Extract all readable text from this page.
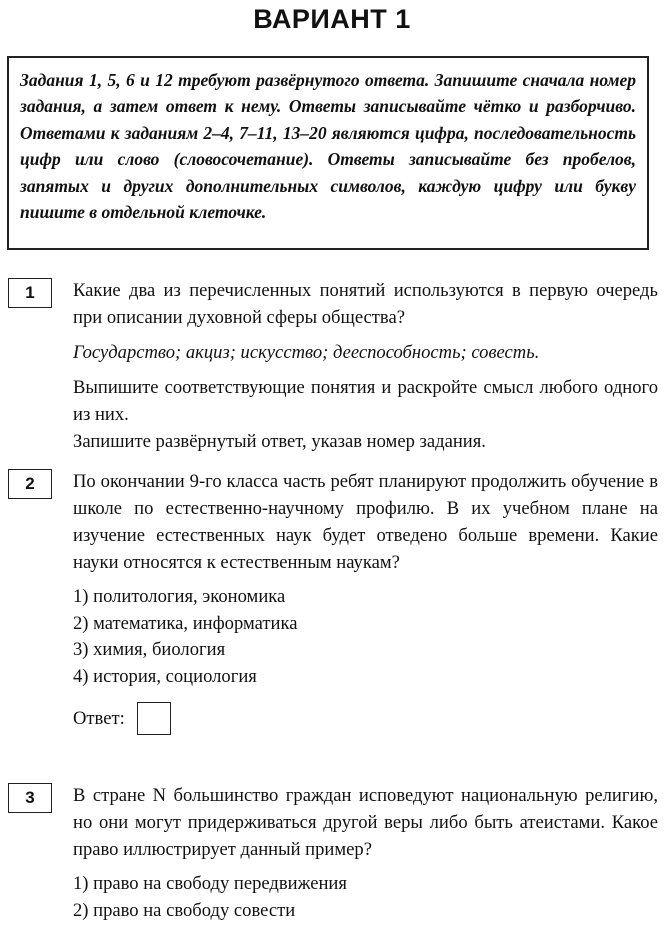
ВАРИАНТ 1
Задания 1, 5, 6 и 12 требуют развёрнутого ответа. Запишите сначала номер задания, а затем ответ к нему. Ответы записывайте чётко и разборчиво. Ответами к заданиям 2–4, 7–11, 13–20 являются цифра, последовательность цифр или слово (словосочетание). Ответы записывайте без пробелов, запятых и других дополнительных символов, каждую цифру или букву пишите в отдельной клеточке.
1	Какие два из перечисленных понятий используются в первую очередь при описании духовной сферы общества?

Государство; акциз; искусство; дееспособность; совесть.

Выпишите соответствующие понятия и раскройте смысл любого одного из них.

Запишите развёрнутый ответ, указав номер задания.

2	По окончании 9-го класса часть ребят планируют продолжить обучение в школе по естественно-научному профилю. В их учебном плане на изучение естественных наук будет отведено больше времени. Какие науки относятся к естественным наукам?

1) политология, экономика

2) математика, информатика

3) химия, биология

4) история, социология

Ответ:
3	В стране N большинство граждан исповедуют национальную религию, но они могут придерживаться другой веры либо быть атеистами. Какое право иллюстрирует данный пример?

1) право на свободу передвижения

2) право на свободу совести
